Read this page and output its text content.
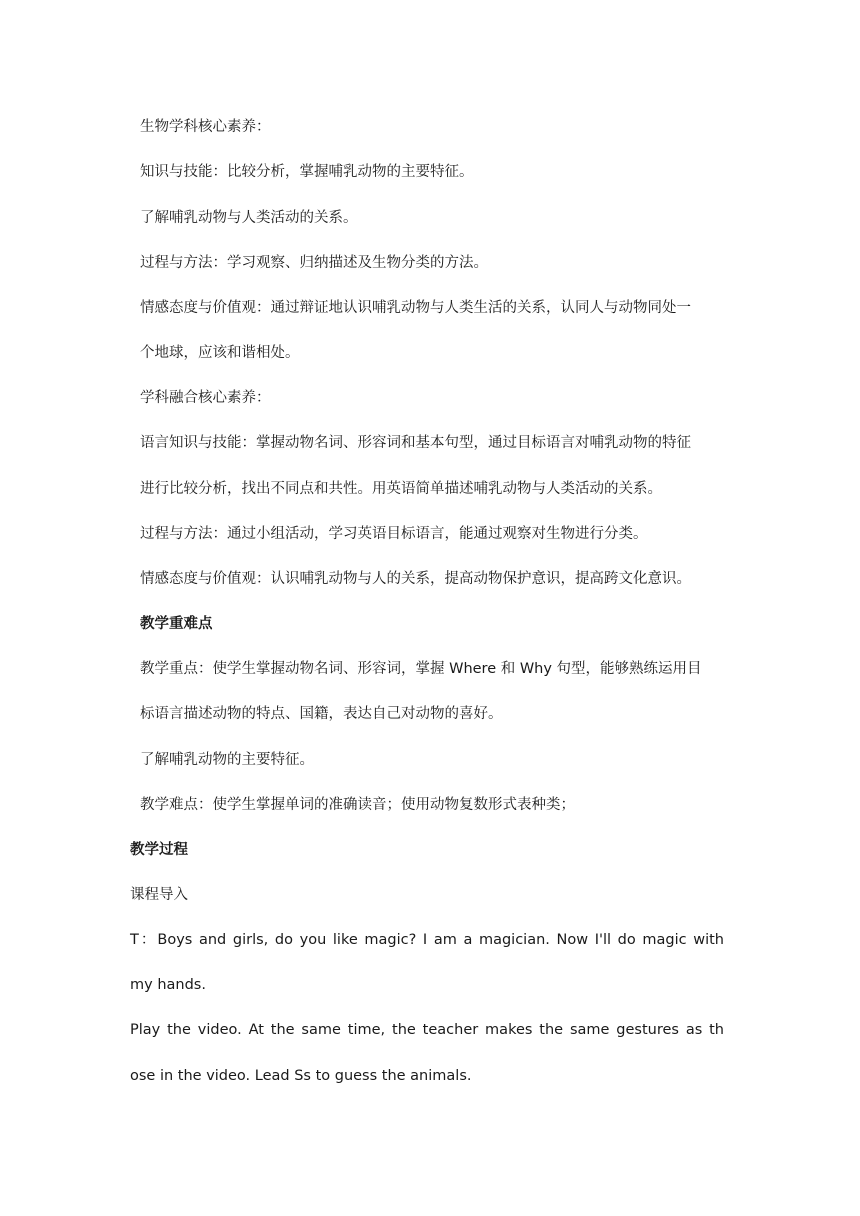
生物学科核心素养：

知识与技能：比较分析，掌握哺乳动物的主要特征。

了解哺乳动物与人类活动的关系。

过程与方法：学习观察、归纳描述及生物分类的方法。

情感态度与价值观：通过辩证地认识哺乳动物与人类生活的关系，认同人与动物同处一

个地球，应该和谐相处。

学科融合核心素养：

语言知识与技能：掌握动物名词、形容词和基本句型，通过目标语言对哺乳动物的特征

进行比较分析，找出不同点和共性。用英语简单描述哺乳动物与人类活动的关系。

过程与方法：通过小组活动，学习英语目标语言，能通过观察对生物进行分类。

情感态度与价值观：认识哺乳动物与人的关系，提高动物保护意识，提高跨文化意识。

教学重难点

教学重点：使学生掌握动物名词、形容词，掌握 Where 和 Why 句型，能够熟练运用目

标语言描述动物的特点、国籍，表达自己对动物的喜好。

了解哺乳动物的主要特征。

教学难点：使学生掌握单词的准确读音；使用动物复数形式表种类；

教学过程

课程导入

T：Boys and girls, do you like magic? I am a magician. Now I'll do magic with

my hands.

Play the video. At the same time, the teacher makes the same gestures as th

ose in the video. Lead Ss to guess the animals.
